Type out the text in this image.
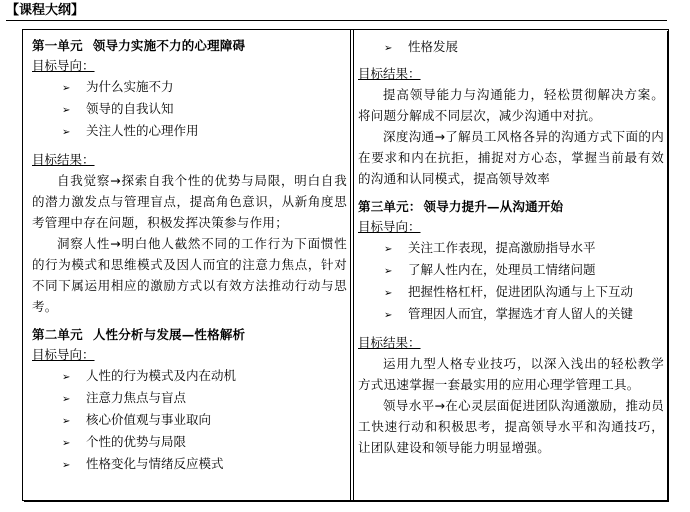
【课程大纲】
第一单元 领导力实施不力的心理障碍
目标导向：
➢ 为什么实施不力
➢ 领导的自我认知
➢ 关注人性的心理作用
目标结果：
自我觉察→探索自我个性的优势与局限，明白自我的潜力激发点与管理盲点，提高角色意识，从新角度思考管理中存在问题，积极发挥决策参与作用；
洞察人性→明白他人截然不同的工作行为下面惯性的行为模式和思维模式及因人而宜的注意力焦点，针对不同下属运用相应的激励方式以有效方法推动行动与思考。
第二单元 人性分析与发展—性格解析
目标导向：
➢ 人性的行为模式及内在动机
➢ 注意力焦点与盲点
➢ 核心价值观与事业取向
➢ 个性的优势与局限
➢ 性格变化与情绪反应模式
➢ 性格发展
目标结果：
提高领导能力与沟通能力，轻松贯彻解决方案。将问题分解成不同层次，减少沟通中对抗。
深度沟通→了解员工风格各异的沟通方式下面的内在要求和内在抗拒，捕捉对方心态，掌握当前最有效的沟通和认同模式，提高领导效率
第三单元： 领导力提升—从沟通开始
目标导向：
➢ 关注工作表现，提高激励指导水平
➢ 了解人性内在，处理员工情绪问题
➢ 把握性格杠杆，促进团队沟通与上下互动
➢ 管理因人而宜，掌握选才育人留人的关键
目标结果：
运用九型人格专业技巧，以深入浅出的轻松教学方式迅速掌握一套最实用的应用心理学管理工具。
领导水平→在心灵层面促进团队沟通激励，推动员工快速行动和积极思考，提高领导水平和沟通技巧，让团队建设和领导能力明显增强。
